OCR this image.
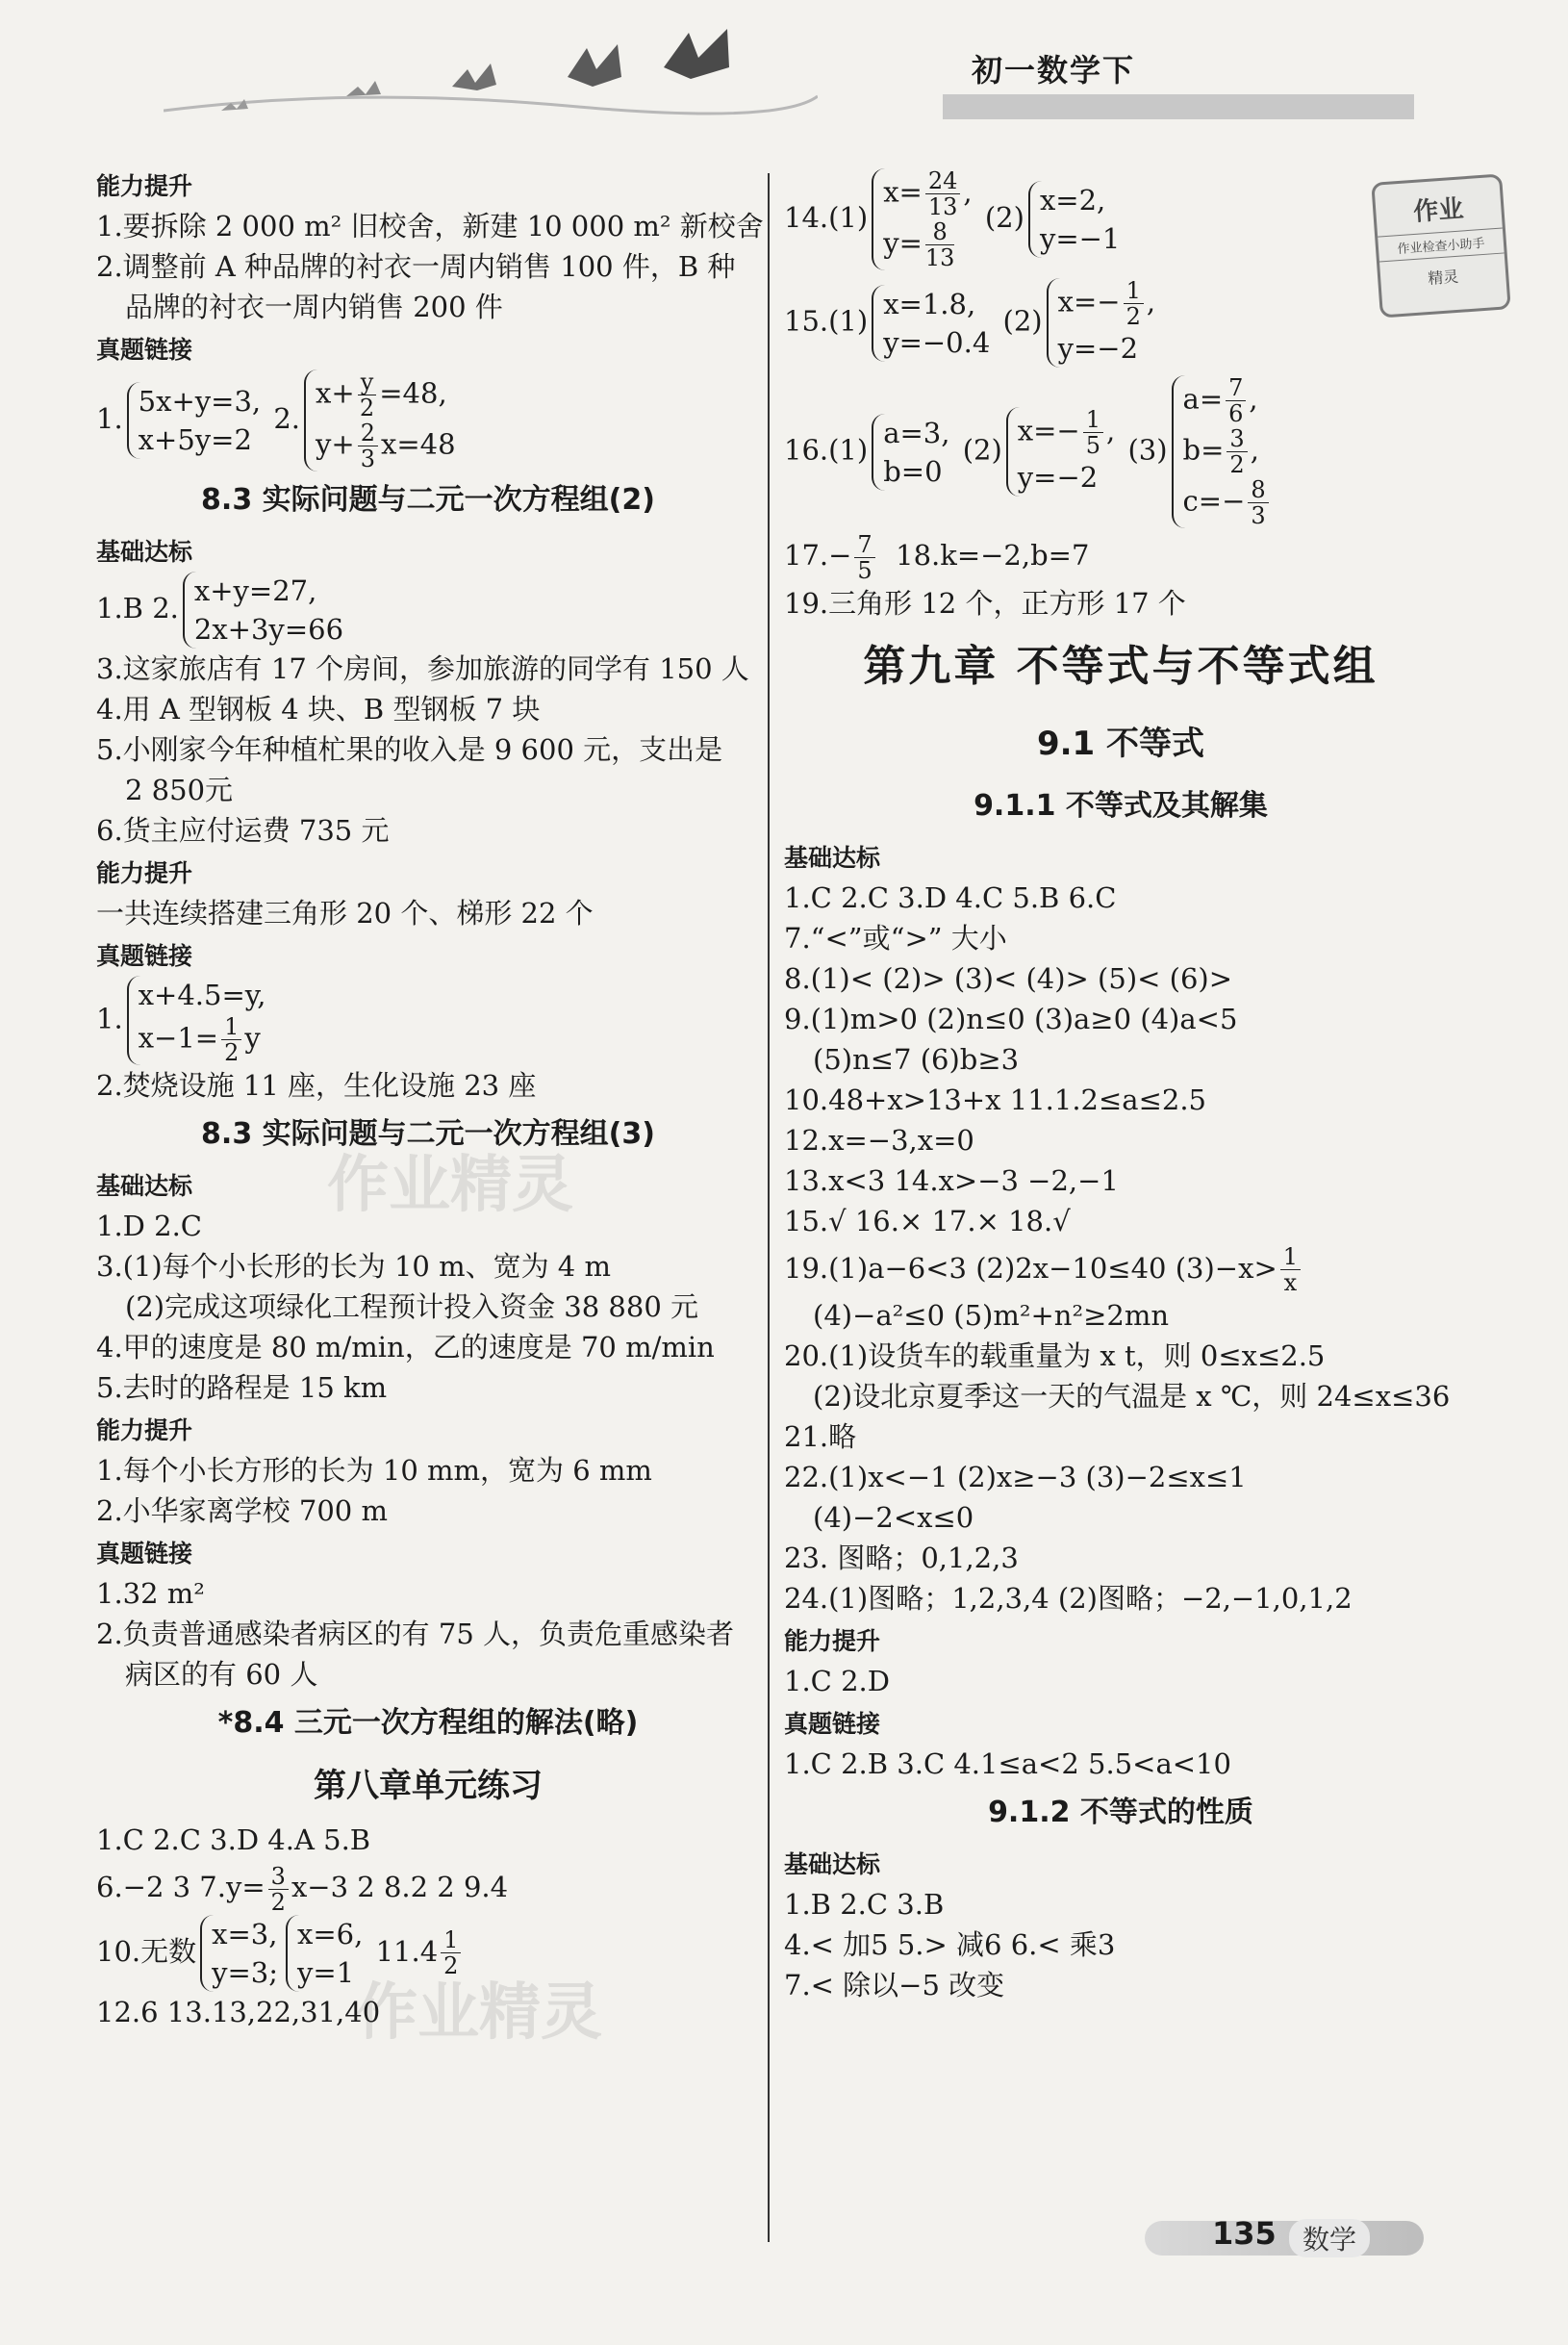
初一数学下
作业
作业检查小助手
精灵
作业精灵
作业精灵
能力提升
1.要拆除 2 000 m² 旧校舍，新建 10 000 m² 新校舍
2.调整前 A 种品牌的衬衣一周内销售 100 件，B 种
品牌的衬衣一周内销售 200 件
真题链接
1.
5x+y=3,
x+5y=2
2.
$x+ \frac{y}{2} =48$,
$y+ \frac{2}{3} x=48$
8.3 实际问题与二元一次方程组(2)
基础达标
1.B 2.
x+y=27,
2x+3y=66
3.这家旅店有 17 个房间，参加旅游的同学有 150 人
4.用 A 型钢板 4 块、B 型钢板 7 块
5.小刚家今年种植杧果的收入是 9 600 元，支出是
2 850元
6.货主应付运费 735 元
能力提升
一共连续搭建三角形 20 个、梯形 22 个
真题链接
1.
x+4.5=y,
$x-1= \frac{1}{2}$ y
2.焚烧设施 11 座，生化设施 23 座
8.3 实际问题与二元一次方程组(3)
基础达标
1.D 2.C
3.(1)每个小长形的长为 10 m、宽为 4 m
(2)完成这项绿化工程预计投入资金 38 880 元
4.甲的速度是 80 m/min，乙的速度是 70 m/min
5.去时的路程是 15 km
能力提升
1.每个小长方形的长为 10 mm，宽为 6 mm
2.小华家离学校 700 m
真题链接
1.32 m²
2.负责普通感染者病区的有 75 人，负责危重感染者
病区的有 60 人
*8.4 三元一次方程组的解法(略)
第八章单元练习
1.C 2.C 3.D 4.A 5.B
6.−2 3 $7.y= \frac{3}{2} x-3$ 2 8.2 2 9.4
10.无数
x=3,
y=3;
x=6,
y=1
$11.4 \frac{1}{2}$
12.6 13.13,22,31,40
14.(1)
$x= \frac{24}{13}$ ,
$y= \frac{8}{13}$
(2)
x=2,
y=−1
15.(1)
x=1.8,
y=−0.4
(2)
$x=- \frac{1}{2}$ ,
y=−2
16.(1)
a=3,
b=0
(2)
$x=- \frac{1}{5}$ ,
y=−2
(3)
$a= \frac{7}{6}$ ,
$b= \frac{3}{2}$ ,
$c=- \frac{8}{3}$
$17.- \frac{7}{5} 18.k=-2,b=7$
19.三角形 12 个，正方形 17 个
第九章 不等式与不等式组
9.1 不等式
9.1.1 不等式及其解集
基础达标
1.C 2.C 3.D 4.C 5.B 6.C
7.“<”或“>” 大小
8.(1)< (2)> (3)< (4)> (5)< (6)>
9.(1)m>0 (2)n≤0 (3)a≥0 (4)a<5
(5)n≤7 (6)b≥3
10.48+x>13+x 11.1.2≤a≤2.5
12.x=−3,x=0
13.x<3 14.x>−3 −2,−1
15.√ 16.× 17.× 18.√
19.(1)a−6<3 (2)2x−10≤40 $(3)-x> \frac{1}{x}$
(4)−a²≤0 (5)m²+n²≥2mn
20.(1)设货车的载重量为 x t，则 0≤x≤2.5
(2)设北京夏季这一天的气温是 x ℃，则 24≤x≤36
21.略
22.(1)x<−1 (2)x≥−3 (3)−2≤x≤1
(4)−2<x≤0
23. 图略；0,1,2,3
24.(1)图略；1,2,3,4 (2)图略；−2,−1,0,1,2
能力提升
1.C 2.D
真题链接
1.C 2.B 3.C 4.1≤a<2 5.5<a<10
9.1.2 不等式的性质
基础达标
1.B 2.C 3.B
4.< 加5 5.> 减6 6.< 乘3
7.< 除以−5 改变
135 数学
